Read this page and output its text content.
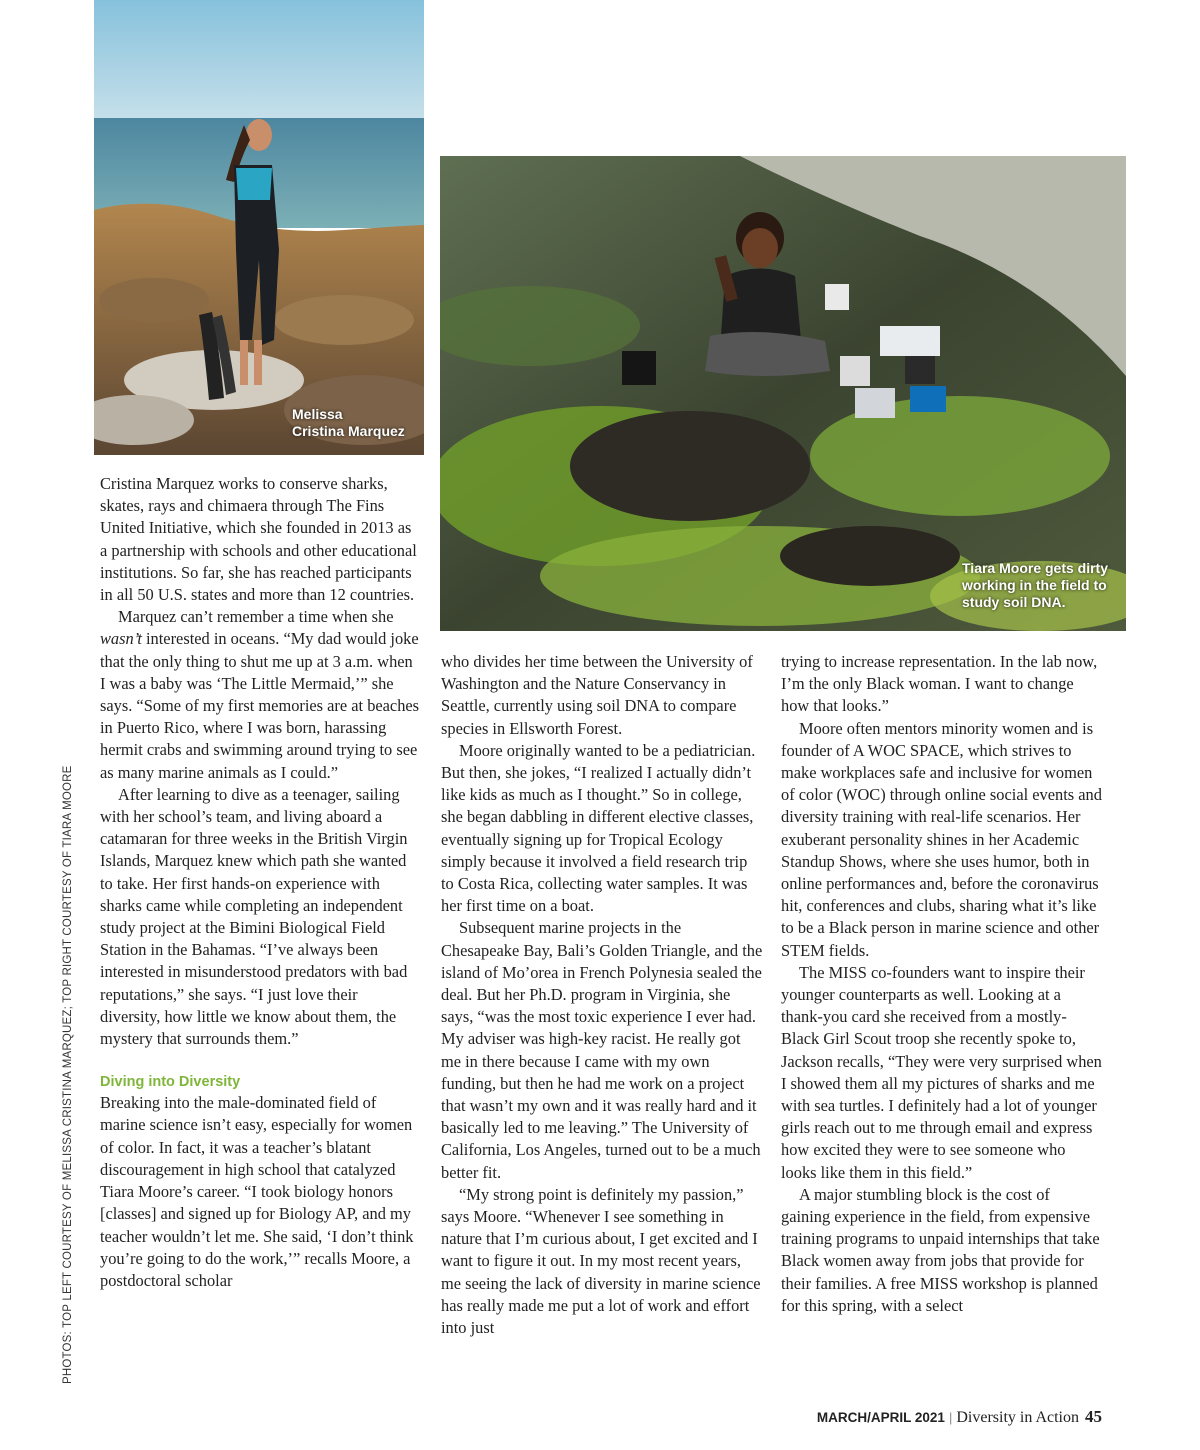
Melissa
Cristina Marquez
Tiara Moore gets dirty working in the field to study soil DNA.
PHOTOS: TOP LEFT COURTESY OF MELISSA CRISTINA MARQUEZ; TOP RIGHT COURTESY OF TIARA MOORE

Cristina Marquez works to conserve sharks, skates, rays and chimaera through The Fins United Initiative, which she founded in 2013 as a partnership with schools and other educational institutions. So far, she has reached participants in all 50 U.S. states and more than 12 countries.

Marquez can’t remember a time when she wasn’t interested in oceans. “My dad would joke that the only thing to shut me up at 3 a.m. when I was a baby was ‘The Little Mermaid,’” she says. “Some of my first memories are at beaches in Puerto Rico, where I was born, harassing hermit crabs and swimming around trying to see as many marine animals as I could.”

After learning to dive as a teenager, sailing with her school’s team, and living aboard a catamaran for three weeks in the British Virgin Islands, Marquez knew which path she wanted to take. Her first hands-on experience with sharks came while completing an independent study project at the Bimini Biological Field Station in the Bahamas. “I’ve always been interested in misunderstood predators with bad reputations,” she says. “I just love their diversity, how little we know about them, the mystery that surrounds them.”

Diving into Diversity

Breaking into the male-dominated field of marine science isn’t easy, especially for women of color. In fact, it was a teacher’s blatant discouragement in high school that catalyzed Tiara Moore’s career. “I took biology honors [classes] and signed up for Biology AP, and my teacher wouldn’t let me. She said, ‘I don’t think you’re going to do the work,’” recalls Moore, a postdoctoral scholar

who divides her time between the University of Washington and the Nature Conservancy in Seattle, currently using soil DNA to compare species in Ellsworth Forest.

Moore originally wanted to be a pediatrician. But then, she jokes, “I realized I actually didn’t like kids as much as I thought.” So in college, she began dabbling in different elective classes, eventually signing up for Tropical Ecology simply because it involved a field research trip to Costa Rica, collecting water samples. It was her first time on a boat.

Subsequent marine projects in the Chesapeake Bay, Bali’s Golden Triangle, and the island of Mo’orea in French Polynesia sealed the deal. But her Ph.D. program in Virginia, she says, “was the most toxic experience I ever had. My adviser was high-key racist. He really got me in there because I came with my own funding, but then he had me work on a project that wasn’t my own and it was really hard and it basically led to me leaving.” The University of California, Los Angeles, turned out to be a much better fit.

“My strong point is definitely my passion,” says Moore. “Whenever I see something in nature that I’m curious about, I get excited and I want to figure it out. In my most recent years, me seeing the lack of diversity in marine science has really made me put a lot of work and effort into just

trying to increase representation. In the lab now, I’m the only Black woman. I want to change how that looks.”

Moore often mentors minority women and is founder of A WOC SPACE, which strives to make workplaces safe and inclusive for women of color (WOC) through online social events and diversity training with real-life scenarios. Her exuberant personality shines in her Academic Standup Shows, where she uses humor, both in online performances and, before the coronavirus hit, conferences and clubs, sharing what it’s like to be a Black person in marine science and other STEM fields.

The MISS co-founders want to inspire their younger counterparts as well. Looking at a thank-you card she received from a mostly-Black Girl Scout troop she recently spoke to, Jackson recalls, “They were very surprised when I showed them all my pictures of sharks and me with sea turtles. I definitely had a lot of younger girls reach out to me through email and express how excited they were to see someone who looks like them in this field.”

A major stumbling block is the cost of gaining experience in the field, from expensive training programs to unpaid internships that take Black women away from jobs that provide for their families. A free MISS workshop is planned for this spring, with a select

MARCH/APRIL 2021 | Diversity in Action 45
